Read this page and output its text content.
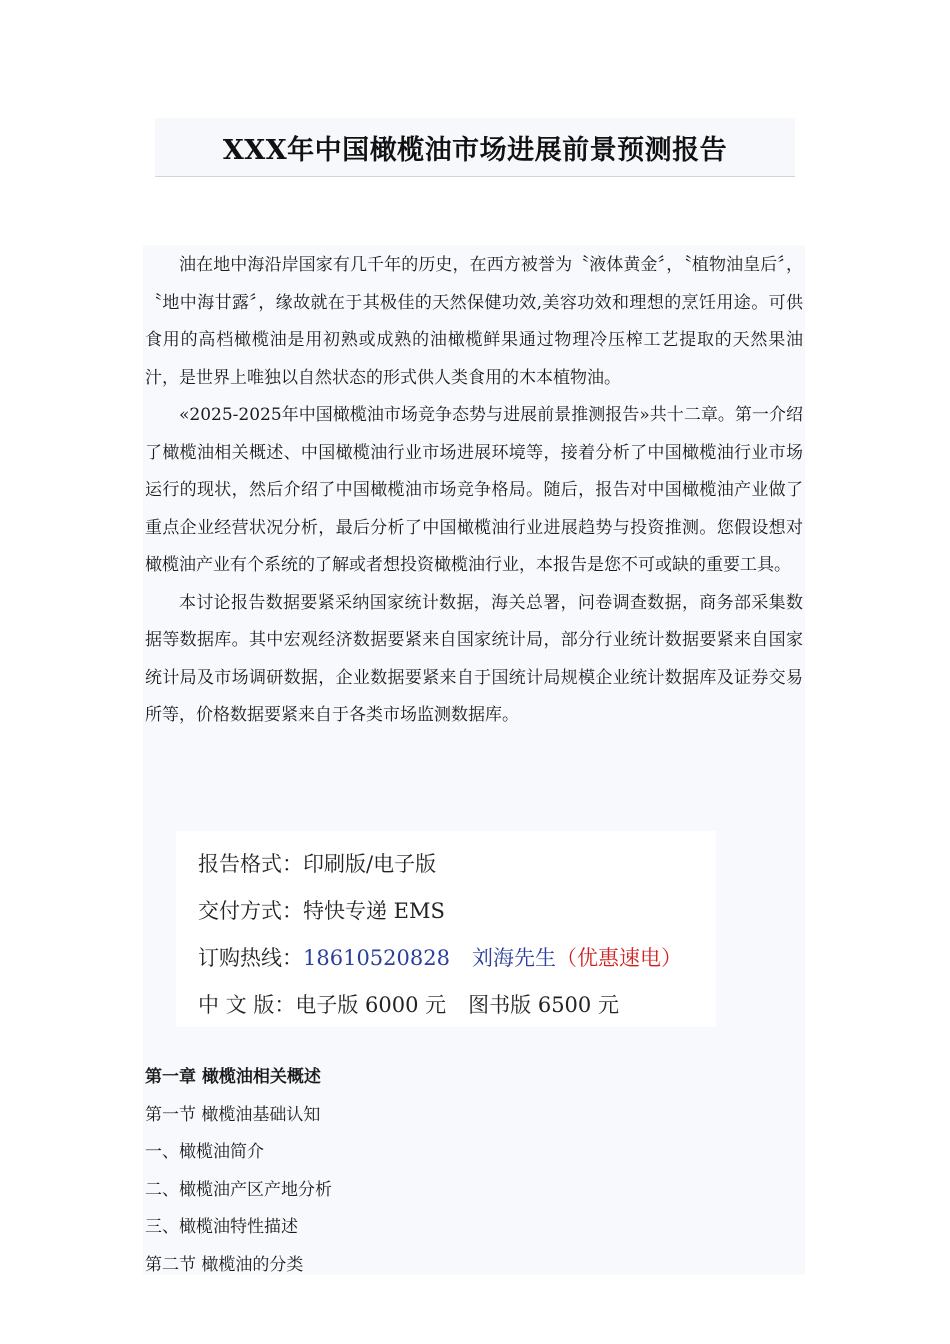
XXX年中国橄榄油市场进展前景预测报告

油在地中海沿岸国家有几千年的历史，在西方被誉为〝液体黄金〞，〝植物油皇后〞，〝地中海甘露〞，缘故就在于其极佳的天然保健功效,美容功效和理想的烹饪用途。可供食用的高档橄榄油是用初熟或成熟的油橄榄鲜果通过物理冷压榨工艺提取的天然果油汁，是世界上唯独以自然状态的形式供人类食用的木本植物油。

«2025-2025年中国橄榄油市场竞争态势与进展前景推测报告»共十二章。第一介绍了橄榄油相关概述、中国橄榄油行业市场进展环境等，接着分析了中国橄榄油行业市场运行的现状，然后介绍了中国橄榄油市场竞争格局。随后，报告对中国橄榄油产业做了重点企业经营状况分析，最后分析了中国橄榄油行业进展趋势与投资推测。您假设想对橄榄油产业有个系统的了解或者想投资橄榄油行业，本报告是您不可或缺的重要工具。

本讨论报告数据要紧采纳国家统计数据，海关总署，问卷调查数据，商务部采集数据等数据库。其中宏观经济数据要紧来自国家统计局，部分行业统计数据要紧来自国家统计局及市场调研数据，企业数据要紧来自于国统计局规模企业统计数据库及证券交易所等，价格数据要紧来自于各类市场监测数据库。

报告格式：印刷版/电子版
交付方式：特快专递 EMS
订购热线：18610520828 刘海先生（优惠速电）
中 文 版：电子版 6000 元 图书版 6500 元
第一章 橄榄油相关概述
第一节 橄榄油基础认知
一、橄榄油简介
二、橄榄油产区产地分析
三、橄榄油特性描述
第二节 橄榄油的分类
